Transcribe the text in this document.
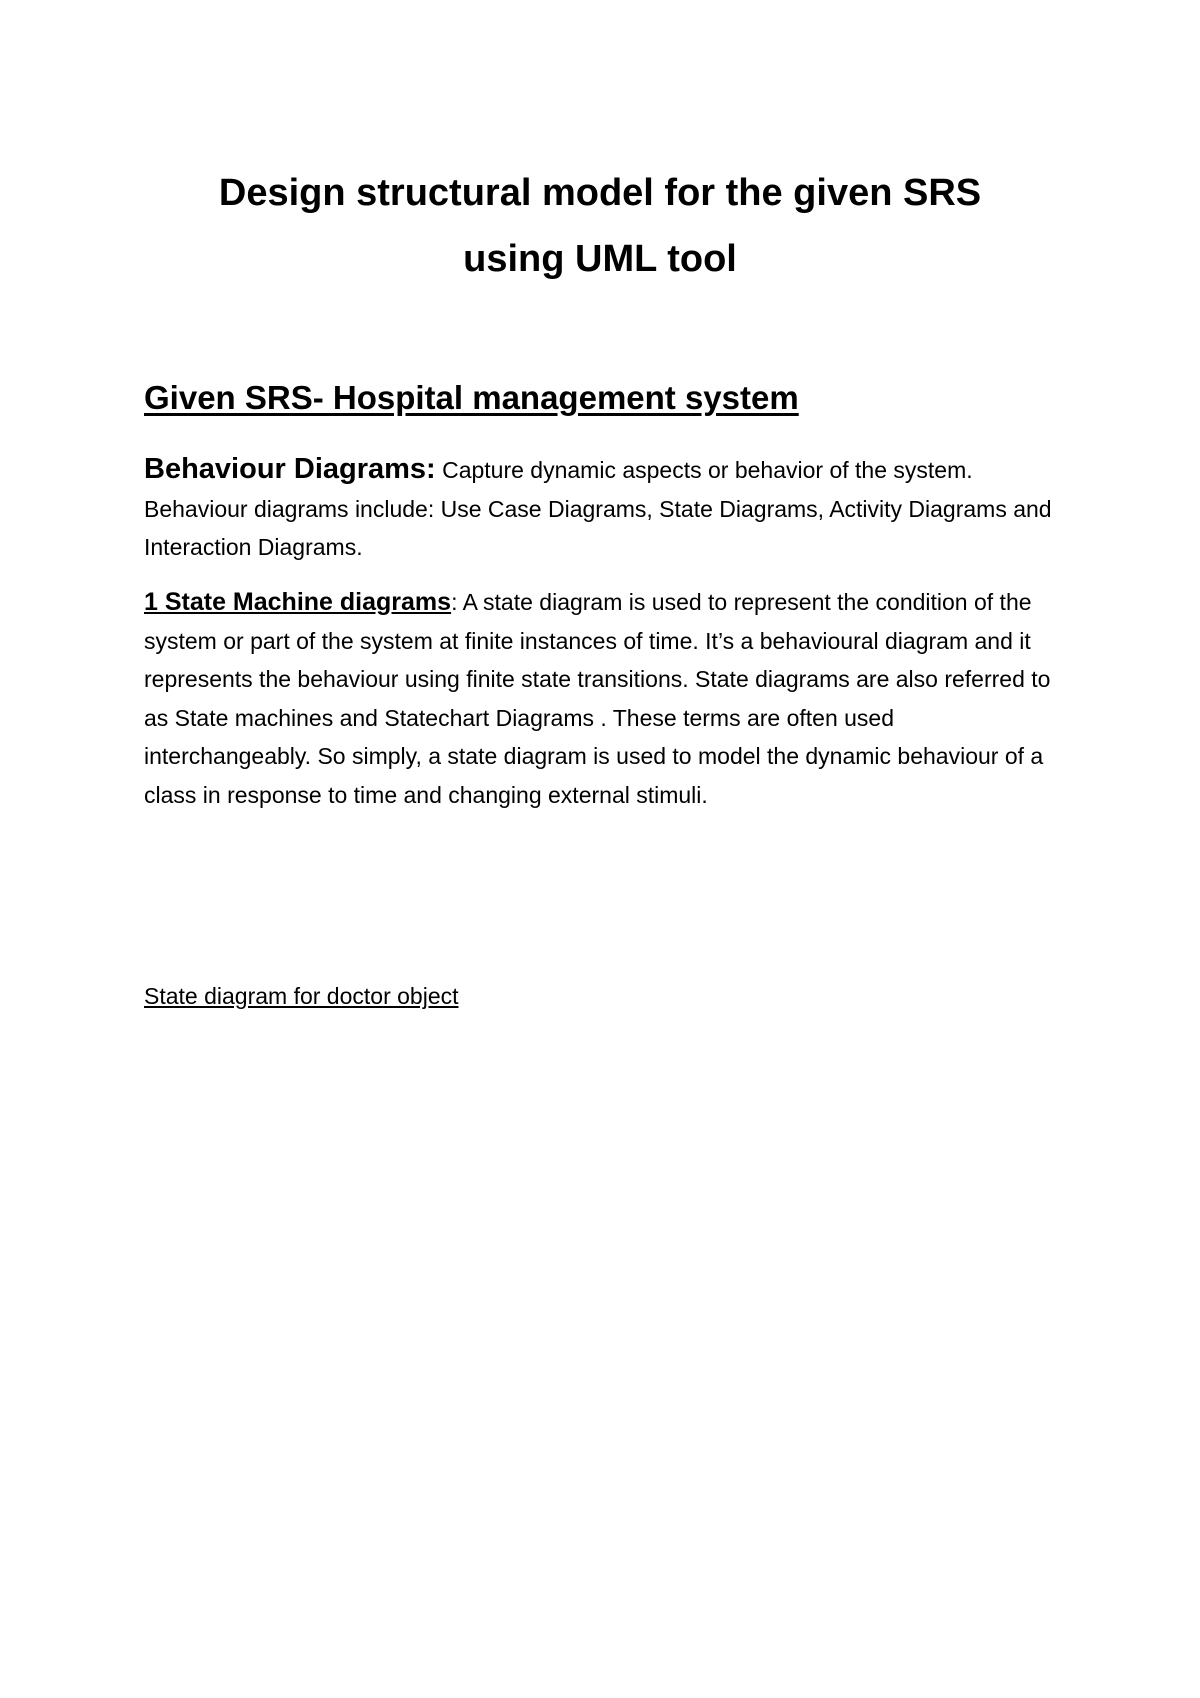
Design structural model for the given SRS
using UML tool
Given SRS- Hospital management system
Behaviour Diagrams: Capture dynamic aspects or behavior of the system. Behaviour diagrams include: Use Case Diagrams, State Diagrams, Activity Diagrams and Interaction Diagrams.
1 State Machine diagrams: A state diagram is used to represent the condition of the system or part of the system at finite instances of time. It’s a behavioural diagram and it represents the behaviour using finite state transitions. State diagrams are also referred to as State machines and Statechart Diagrams . These terms are often used interchangeably. So simply, a state diagram is used to model the dynamic behaviour of a class in response to time and changing external stimuli.
State diagram for doctor object
